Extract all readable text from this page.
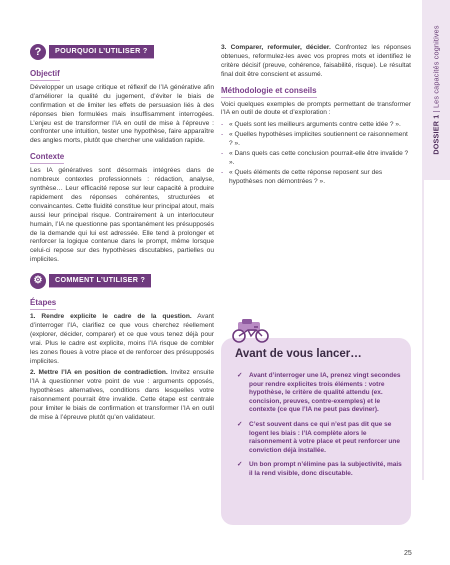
DOSSIER 1 | Les capacités cognitives
?	POURQUOI L’UTILISER ?
Objectif

Développer un usage critique et réflexif de l’IA générative afin d’améliorer la qualité du jugement, d’éviter le biais de confirmation et de limiter les effets de persuasion liés à des réponses bien formulées mais insuffisamment interrogées. L’enjeu est de transformer l’IA en outil de mise à l’épreuve : confronter une intuition, tester une hypothèse, faire apparaître des angles morts, plutôt que chercher une validation rapide.

Contexte

Les IA génératives sont désormais intégrées dans de nombreux contextes professionnels : rédaction, analyse, synthèse… Leur efficacité repose sur leur capacité à produire rapidement des réponses cohérentes, structurées et convaincantes. Cette fluidité constitue leur principal atout, mais aussi leur principal risque. Contrairement à un interlocuteur humain, l’IA ne questionne pas spontanément les présupposés de la demande qui lui est adressée. Elle tend à prolonger et renforcer la logique contenue dans le prompt, même lorsque celui-ci repose sur des hypothèses discutables, partielles ou implicites.

⚙	COMMENT L’UTILISER ?
Étapes

1. Rendre explicite le cadre de la question. Avant d’interroger l’IA, clarifiez ce que vous cherchez réellement (explorer, décider, comparer) et ce que vous tenez déjà pour vrai. Plus le cadre est explicite, moins l’IA risque de combler les zones floues à votre place et de renforcer des présupposés implicites.

2. Mettre l’IA en position de contradiction. Invitez ensuite l’IA à questionner votre point de vue : arguments opposés, hypothèses alternatives, conditions dans lesquelles votre raisonnement pourrait être invalide. Cette étape est centrale pour limiter le biais de confirmation et transformer l’IA en outil de mise à l’épreuve plutôt qu’en validateur.

3. Comparer, reformuler, décider. Confrontez les réponses obtenues, reformulez-les avec vos propres mots et identifiez le critère décisif (preuve, cohérence, faisabilité, risque). Le résultat final doit être conscient et assumé.

Méthodologie et conseils

Voici quelques exemples de prompts permettant de transformer l’IA en outil de doute et d’exploration :

- « Quels sont les meilleurs arguments contre cette idée ? ».
- « Quelles hypothèses implicites soutiennent ce raisonnement ? ».
- « Dans quels cas cette conclusion pourrait-elle être invalide ? ».
- « Quels éléments de cette réponse reposent sur des hypothèses non démontrées ? ».
Avant de vous lancer…
✓ Avant d’interroger une IA, prenez vingt secondes pour rendre explicites trois éléments : votre hypothèse, le critère de qualité attendu (ex. concision, preuves, contre-exemples) et le contexte (ce que l’IA ne peut pas deviner).
✓ C’est souvent dans ce qui n’est pas dit que se logent les biais : l’IA complète alors le raisonnement à votre place et peut renforcer une conviction déjà installée.
✓ Un bon prompt n’élimine pas la subjectivité, mais il la rend visible, donc discutable.
25
